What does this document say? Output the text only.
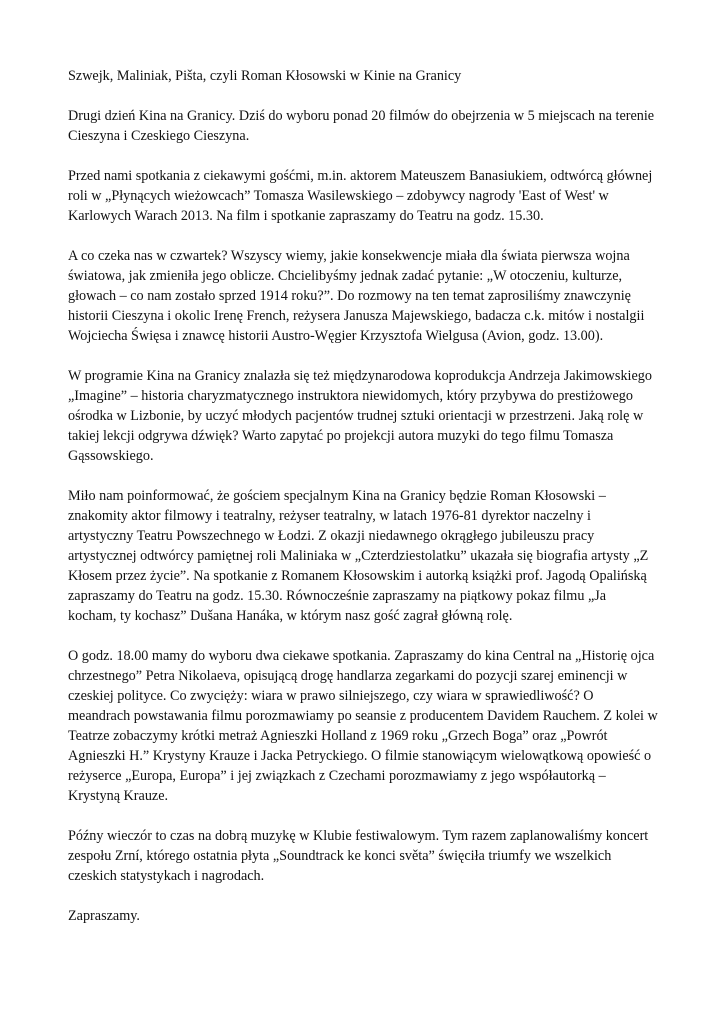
Szwejk, Maliniak, Pišta, czyli Roman Kłosowski w Kinie na Granicy

Drugi dzień Kina na Granicy. Dziś do wyboru ponad 20 filmów do obejrzenia w 5 miejscach na terenie Cieszyna i Czeskiego Cieszyna.

Przed nami spotkania z ciekawymi gośćmi, m.in. aktorem Mateuszem Banasiukiem, odtwórcą głównej roli w „Płynących wieżowcach” Tomasza Wasilewskiego – zdobywcy nagrody 'East of West' w Karlowych Warach 2013. Na film i spotkanie zapraszamy do Teatru na godz. 15.30.

A co czeka nas w czwartek? Wszyscy wiemy, jakie konsekwencje miała dla świata pierwsza wojna światowa, jak zmieniła jego oblicze. Chcielibyśmy jednak zadać pytanie: „W otoczeniu, kulturze, głowach – co nam zostało sprzed 1914 roku?”. Do rozmowy na ten temat zaprosiliśmy znawczynię historii Cieszyna i okolic Irenę French, reżysera Janusza Majewskiego, badacza c.k. mitów i nostalgii Wojciecha Święsa i znawcę historii Austro-Węgier Krzysztofa Wielgusa (Avion, godz. 13.00).

W programie Kina na Granicy znalazła się też międzynarodowa koprodukcja Andrzeja Jakimowskiego „Imagine” – historia charyzmatycznego instruktora niewidomych, który przybywa do prestiżowego ośrodka w Lizbonie, by uczyć młodych pacjentów trudnej sztuki orientacji w przestrzeni. Jaką rolę w takiej lekcji odgrywa dźwięk? Warto zapytać po projekcji autora muzyki do tego filmu Tomasza Gąssowskiego.

Miło nam poinformować, że gościem specjalnym Kina na Granicy będzie Roman Kłosowski – znakomity aktor filmowy i teatralny, reżyser teatralny, w latach 1976-81 dyrektor naczelny i artystyczny Teatru Powszechnego w Łodzi. Z okazji niedawnego okrągłego jubileuszu pracy artystycznej odtwórcy pamiętnej roli Maliniaka w „Czterdziestolatku” ukazała się biografia artysty „Z Kłosem przez życie”. Na spotkanie z Romanem Kłosowskim i autorką książki prof. Jagodą Opalińską zapraszamy do Teatru na godz. 15.30. Równocześnie zapraszamy na piątkowy pokaz filmu „Ja kocham, ty kochasz” Dušana Hanáka, w którym nasz gość zagrał główną rolę.

O godz. 18.00 mamy do wyboru dwa ciekawe spotkania. Zapraszamy do kina Central na „Historię ojca chrzestnego” Petra Nikolaeva, opisującą drogę handlarza zegarkami do pozycji szarej eminencji w czeskiej polityce. Co zwycięży: wiara w prawo silniejszego, czy wiara w sprawiedliwość? O meandrach powstawania filmu porozmawiamy po seansie z producentem Davidem Rauchem. Z kolei w Teatrze zobaczymy krótki metraż Agnieszki Holland z 1969 roku „Grzech Boga” oraz „Powrót Agnieszki H.” Krystyny Krauze i Jacka Petryckiego. O filmie stanowiącym wielowątkową opowieść o reżyserce „Europa, Europa” i jej związkach z Czechami porozmawiamy z jego współautorką – Krystyną Krauze.

Późny wieczór to czas na dobrą muzykę w Klubie festiwalowym. Tym razem zaplanowaliśmy koncert zespołu Zrní, którego ostatnia płyta „Soundtrack ke konci světa” święciła triumfy we wszelkich czeskich statystykach i nagrodach.

Zapraszamy.
